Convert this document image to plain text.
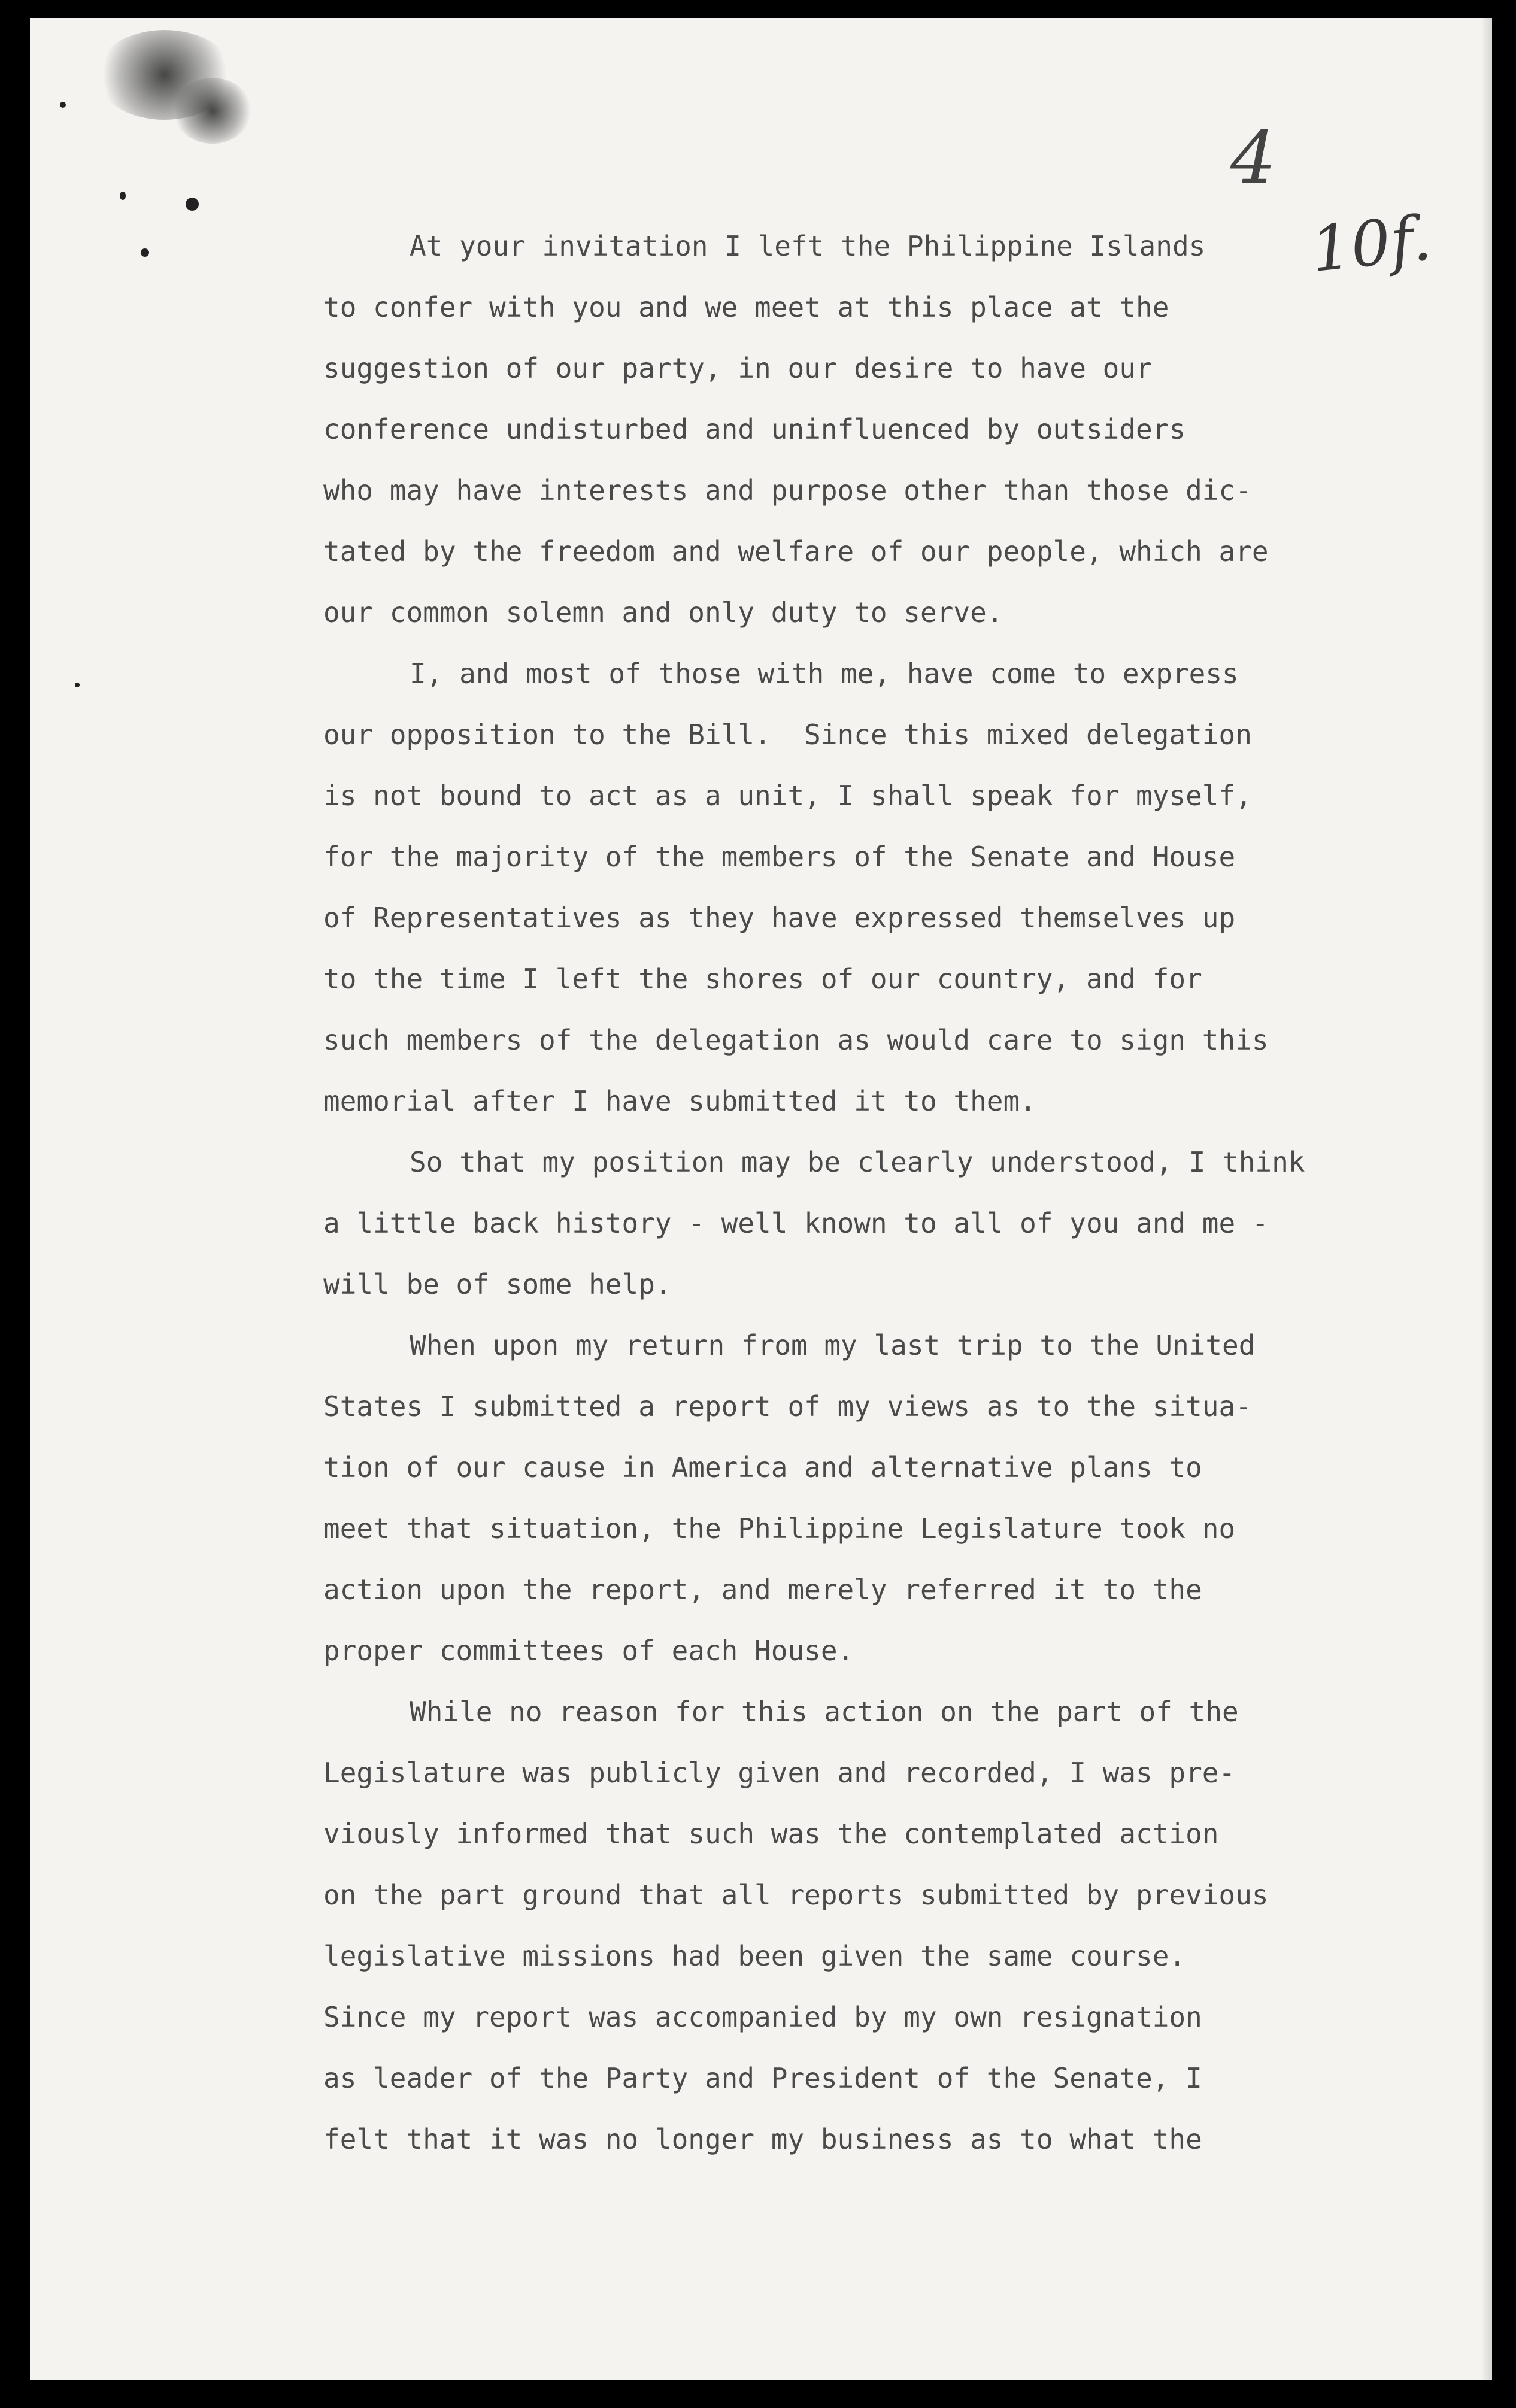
4
10f.
At your invitation I left the Philippine Islands
to confer with you and we meet at this place at the
suggestion of our party, in our desire to have our
conference undisturbed and uninfluenced by outsiders
who may have interests and purpose other than those dic-
tated by the freedom and welfare of our people, which are
our common solemn and only duty to serve.
I, and most of those with me, have come to express
our opposition to the Bill.  Since this mixed delegation
is not bound to act as a unit, I shall speak for myself,
for the majority of the members of the Senate and House
of Representatives as they have expressed themselves up
to the time I left the shores of our country, and for
such members of the delegation as would care to sign this
memorial after I have submitted it to them.
So that my position may be clearly understood, I think
a little back history - well known to all of you and me -
will be of some help.
When upon my return from my last trip to the United
States I submitted a report of my views as to the situa-
tion of our cause in America and alternative plans to
meet that situation, the Philippine Legislature took no
action upon the report, and merely referred it to the
proper committees of each House.
While no reason for this action on the part of the
Legislature was publicly given and recorded, I was pre-
viously informed that such was the contemplated action
on the part ground that all reports submitted by previous
legislative missions had been given the same course.
Since my report was accompanied by my own resignation
as leader of the Party and President of the Senate, I
felt that it was no longer my business as to what the
